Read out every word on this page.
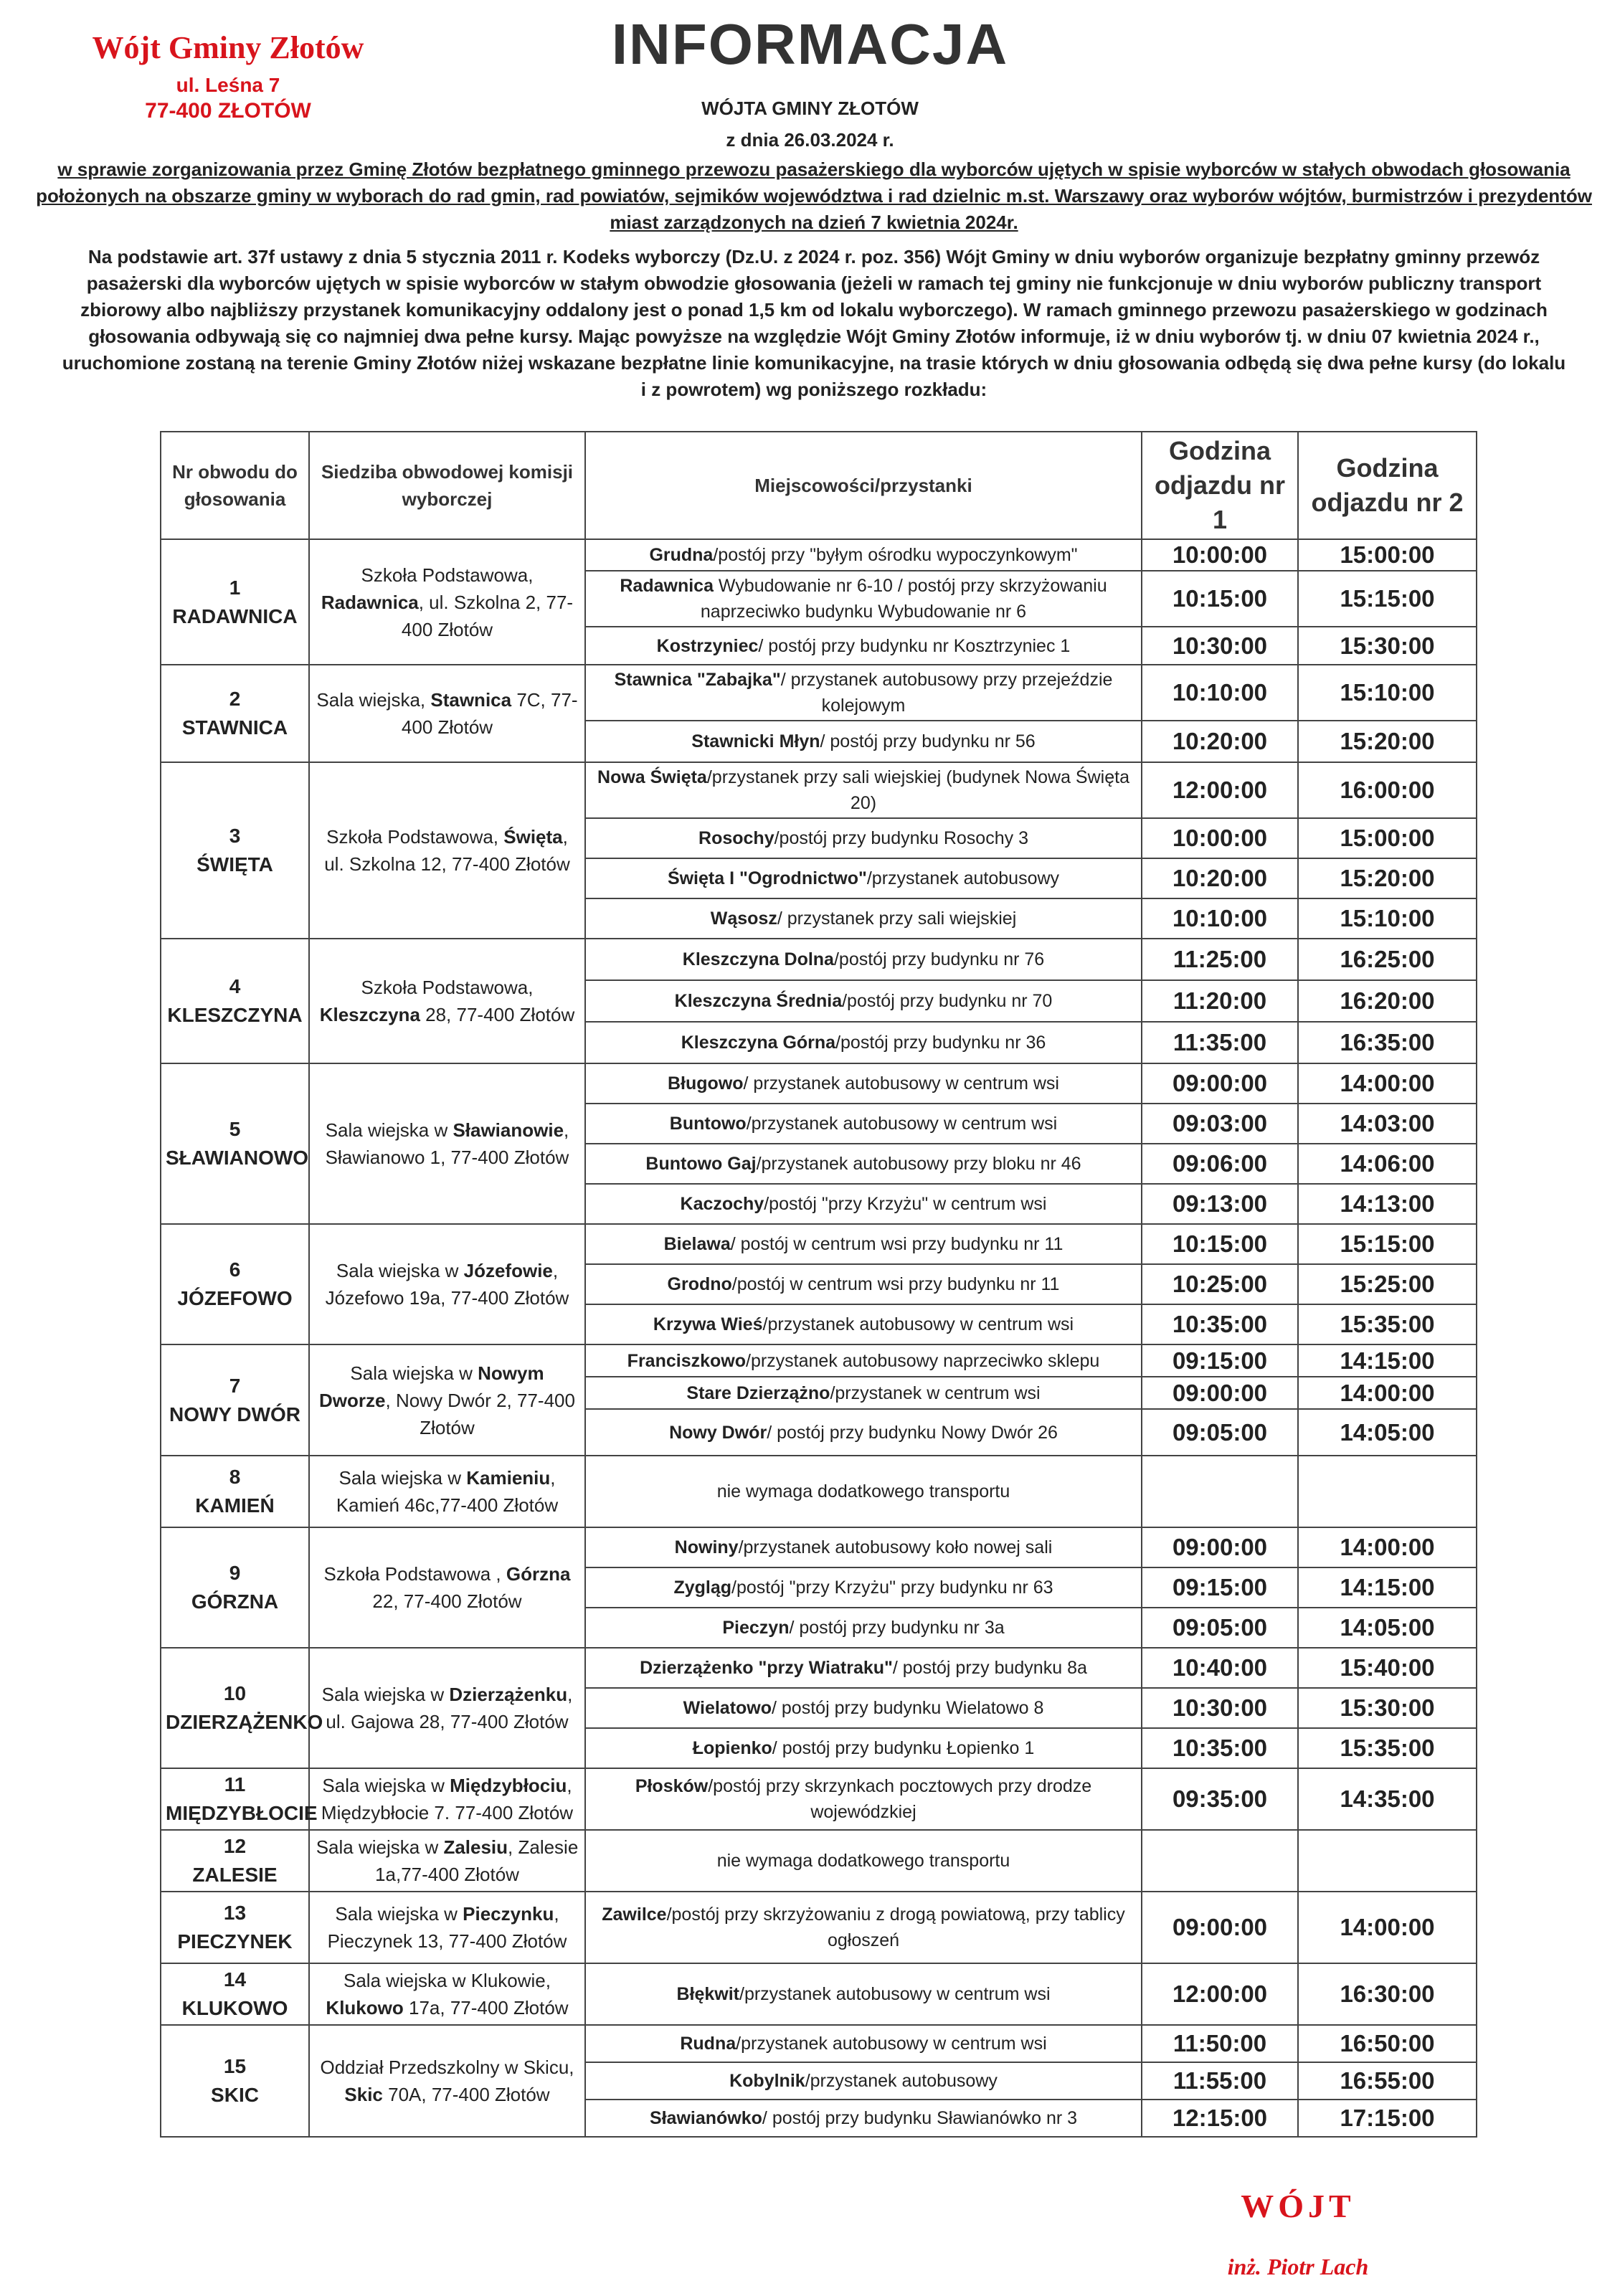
Wójt Gminy Złotów
ul. Leśna 7
77-400 ZŁOTÓW
INFORMACJA
WÓJTA GMINY ZŁOTÓW
z dnia 26.03.2024 r.
w sprawie zorganizowania przez Gminę Złotów bezpłatnego gminnego przewozu pasażerskiego dla wyborców ujętych w spisie wyborców w stałych obwodach głosowania położonych na obszarze gminy w wyborach do rad gmin, rad powiatów, sejmików województwa i rad dzielnic m.st. Warszawy oraz wyborów wójtów, burmistrzów i prezydentów miast zarządzonych na dzień 7 kwietnia 2024r.
Na podstawie art. 37f ustawy z dnia 5 stycznia 2011 r. Kodeks wyborczy (Dz.U. z 2024 r. poz. 356) Wójt Gminy w dniu wyborów organizuje bezpłatny gminny przewóz pasażerski dla wyborców ujętych w spisie wyborców w stałym obwodzie głosowania (jeżeli w ramach tej gminy nie funkcjonuje w dniu wyborów publiczny transport zbiorowy albo najbliższy przystanek komunikacyjny oddalony jest o ponad 1,5 km od lokalu wyborczego). W ramach gminnego przewozu pasażerskiego w godzinach głosowania odbywają się co najmniej dwa pełne kursy. Mając powyższe na względzie Wójt Gminy Złotów informuje, iż w dniu wyborów tj. w dniu 07 kwietnia 2024 r., uruchomione zostaną na terenie Gminy Złotów niżej wskazane bezpłatne linie komunikacyjne, na trasie których w dniu głosowania odbędą się dwa pełne kursy (do lokalu i z powrotem) wg poniższego rozkładu:
Nr obwodu do głosowania	Siedziba obwodowej komisji wyborczej	Miejscowości/przystanki	Godzina odjazdu nr 1	Godzina odjazdu nr 2

1
RADAWNICA	Szkoła Podstawowa, Radawnica, ul. Szkolna 2, 77-400 Złotów	Grudna/postój przy "byłym ośrodku wypoczynkowym"	10:00:00	15:00:00
		Radawnica Wybudowanie nr 6-10 / postój przy skrzyżowaniu naprzeciwko budynku Wybudowanie nr 6	10:15:00	15:15:00
		Kostrzyniec/ postój przy budynku nr Kosztrzyniec 1	10:30:00	15:30:00

2
STAWNICA	Sala wiejska, Stawnica 7C, 77-400 Złotów	Stawnica "Zabajka"/ przystanek autobusowy przy przejeździe kolejowym	10:10:00	15:10:00
		Stawnicki Młyn/ postój przy budynku nr 56	10:20:00	15:20:00

3
ŚWIĘTA	Szkoła Podstawowa, Święta, ul. Szkolna 12, 77-400 Złotów	Nowa Święta/przystanek przy sali wiejskiej (budynek Nowa Święta 20)	12:00:00	16:00:00
		Rosochy/postój przy budynku Rosochy 3	10:00:00	15:00:00
		Święta I "Ogrodnictwo"/przystanek autobusowy	10:20:00	15:20:00
		Wąsosz/ przystanek przy sali wiejskiej	10:10:00	15:10:00

4
KLESZCZYNA	Szkoła Podstawowa, Kleszczyna 28, 77-400 Złotów	Kleszczyna Dolna/postój przy budynku nr 76	11:25:00	16:25:00
		Kleszczyna Średnia/postój przy budynku nr 70	11:20:00	16:20:00
		Kleszczyna Górna/postój przy budynku nr 36	11:35:00	16:35:00

5
SŁAWIANOWO	Sala wiejska w Sławianowie, Sławianowo 1, 77-400 Złotów	Bługowo/ przystanek autobusowy w centrum wsi	09:00:00	14:00:00
		Buntowo/przystanek autobusowy w centrum wsi	09:03:00	14:03:00
		Buntowo Gaj/przystanek autobusowy przy bloku nr 46	09:06:00	14:06:00
		Kaczochy/postój "przy Krzyżu" w centrum wsi	09:13:00	14:13:00

6
JÓZEFOWO	Sala wiejska w Józefowie, Józefowo 19a, 77-400 Złotów	Bielawa/ postój w centrum wsi przy budynku nr 11	10:15:00	15:15:00
		Grodno/postój w centrum wsi przy budynku nr 11	10:25:00	15:25:00
		Krzywa Wieś/przystanek autobusowy w centrum wsi	10:35:00	15:35:00

7
NOWY DWÓR	Sala wiejska w Nowym Dworze, Nowy Dwór 2, 77-400 Złotów	Franciszkowo/przystanek autobusowy naprzeciwko sklepu	09:15:00	14:15:00
		Stare Dzierzążno/przystanek w centrum wsi	09:00:00	14:00:00
		Nowy Dwór/ postój przy budynku Nowy Dwór 26	09:05:00	14:05:00

8
KAMIEŃ	Sala wiejska w Kamieniu, Kamień 46c,77-400 Złotów	nie wymaga dodatkowego transportu		

9
GÓRZNA	Szkoła Podstawowa , Górzna 22, 77-400 Złotów	Nowiny/przystanek autobusowy koło nowej sali	09:00:00	14:00:00
		Zygląg/postój "przy Krzyżu" przy budynku nr 63	09:15:00	14:15:00
		Pieczyn/ postój przy budynku nr 3a	09:05:00	14:05:00

10
DZIERZĄŻENKO	Sala wiejska w Dzierzążenku, ul. Gajowa 28, 77-400 Złotów	Dzierzążenko "przy Wiatraku"/ postój przy budynku 8a	10:40:00	15:40:00
		Wielatowo/ postój przy budynku Wielatowo 8	10:30:00	15:30:00
		Łopienko/ postój przy budynku Łopienko 1	10:35:00	15:35:00

11
MIĘDZYBŁOCIE	Sala wiejska w Międzybłociu, Międzybłocie 7. 77-400 Złotów	Płosków/postój przy skrzynkach pocztowych przy drodze wojewódzkiej	09:35:00	14:35:00

12
ZALESIE	Sala wiejska w Zalesiu, Zalesie 1a,77-400 Złotów	nie wymaga dodatkowego transportu		

13
PIECZYNEK	Sala wiejska w Pieczynku, Pieczynek 13, 77-400 Złotów	Zawilce/postój przy skrzyżowaniu z drogą powiatową, przy tablicy ogłoszeń	09:00:00	14:00:00

14
KLUKOWO	Sala wiejska w Klukowie, Klukowo 17a, 77-400 Złotów	Błękwit/przystanek autobusowy w centrum wsi	12:00:00	16:30:00

15
SKIC	Oddział Przedszkolny w Skicu, Skic 70A, 77-400 Złotów	Rudna/przystanek autobusowy w centrum wsi	11:50:00	16:50:00
		Kobylnik/przystanek autobusowy	11:55:00	16:55:00
		Sławianówko/ postój przy budynku Sławianówko nr 3	12:15:00	17:15:00
WÓJT
inż. Piotr Lach
